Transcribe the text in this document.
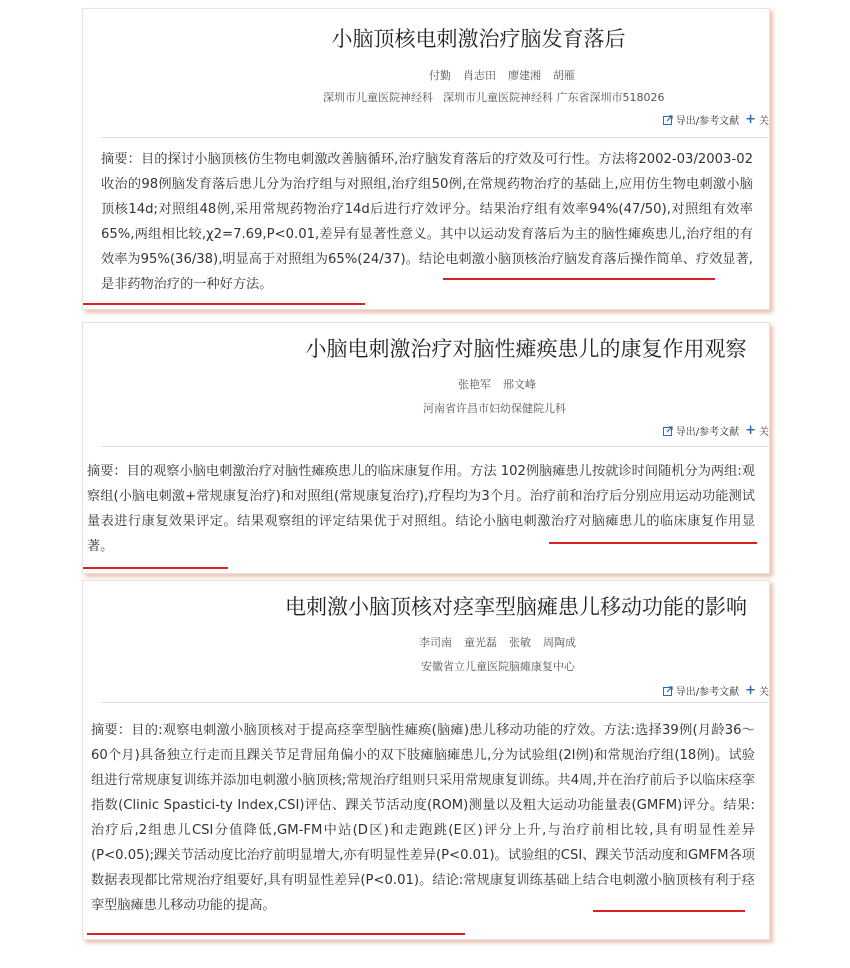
小脑顶核电刺激治疗脑发育落后
付勤 肖志田 廖建湘 胡雁
深圳市儿童医院神经科 深圳市儿童医院神经科 广东省深圳市518026
导出/参考文献 + 关

摘要：目的探讨小脑顶核仿生物电刺激改善脑循环,治疗脑发育落后的疗效及可行性。方法将2002-03/2003-02收治的98例脑发育落后患儿分为治疗组与对照组,治疗组50例,在常规药物治疗的基础上,应用仿生物电刺激小脑顶核14d;对照组48例,采用常规药物治疗14d后进行疗效评分。结果治疗组有效率94%(47/50),对照组有效率65%,两组相比较,χ2=7.69,P<0.01,差异有显著性意义。其中以运动发育落后为主的脑性瘫痪患儿,治疗组的有效率为95%(36/38),明显高于对照组为65%(24/37)。结论电刺激小脑顶核治疗脑发育落后操作简单、疗效显著,是非药物治疗的一种好方法。

小脑电刺激治疗对脑性瘫痪患儿的康复作用观察
张艳军 邢文峰
河南省许昌市妇幼保健院儿科
导出/参考文献 + 关

摘要：目的观察小脑电刺激治疗对脑性瘫痪患儿的临床康复作用。方法 102例脑瘫患儿按就诊时间随机分为两组:观察组(小脑电刺激+常规康复治疗)和对照组(常规康复治疗),疗程均为3个月。治疗前和治疗后分别应用运动功能测试量表进行康复效果评定。结果观察组的评定结果优于对照组。结论小脑电刺激治疗对脑瘫患儿的临床康复作用显著。

电刺激小脑顶核对痉挛型脑瘫患儿移动功能的影响
李司南 童光磊 张敏 周陶成
安徽省立儿童医院脑瘫康复中心
导出/参考文献 + 关

摘要：目的:观察电刺激小脑顶核对于提高痉挛型脑性瘫痪(脑瘫)患儿移动功能的疗效。方法:选择39例(月龄36～60个月)具备独立行走而且踝关节足背屈角偏小的双下肢瘫脑瘫患儿,分为试验组(2l例)和常规治疗组(18例)。试验组进行常规康复训练并添加电刺激小脑顶核;常规治疗组则只采用常规康复训练。共4周,并在治疗前后予以临床痉挛指数(Clinic Spastici-ty Index,CSI)评估、踝关节活动度(ROM)测量以及粗大运动功能量表(GMFM)评分。结果:治疗后,2组患儿CSI分值降低,GM-FM中站(D区)和走跑跳(E区)评分上升,与治疗前相比较,具有明显性差异(P<0.05);踝关节活动度比治疗前明显增大,亦有明显性差异(P<0.01)。试验组的CSI、踝关节活动度和GMFM各项数据表现都比常规治疗组要好,具有明显性差异(P<0.01)。结论:常规康复训练基础上结合电刺激小脑顶核有利于痉挛型脑瘫患儿移动功能的提高。
